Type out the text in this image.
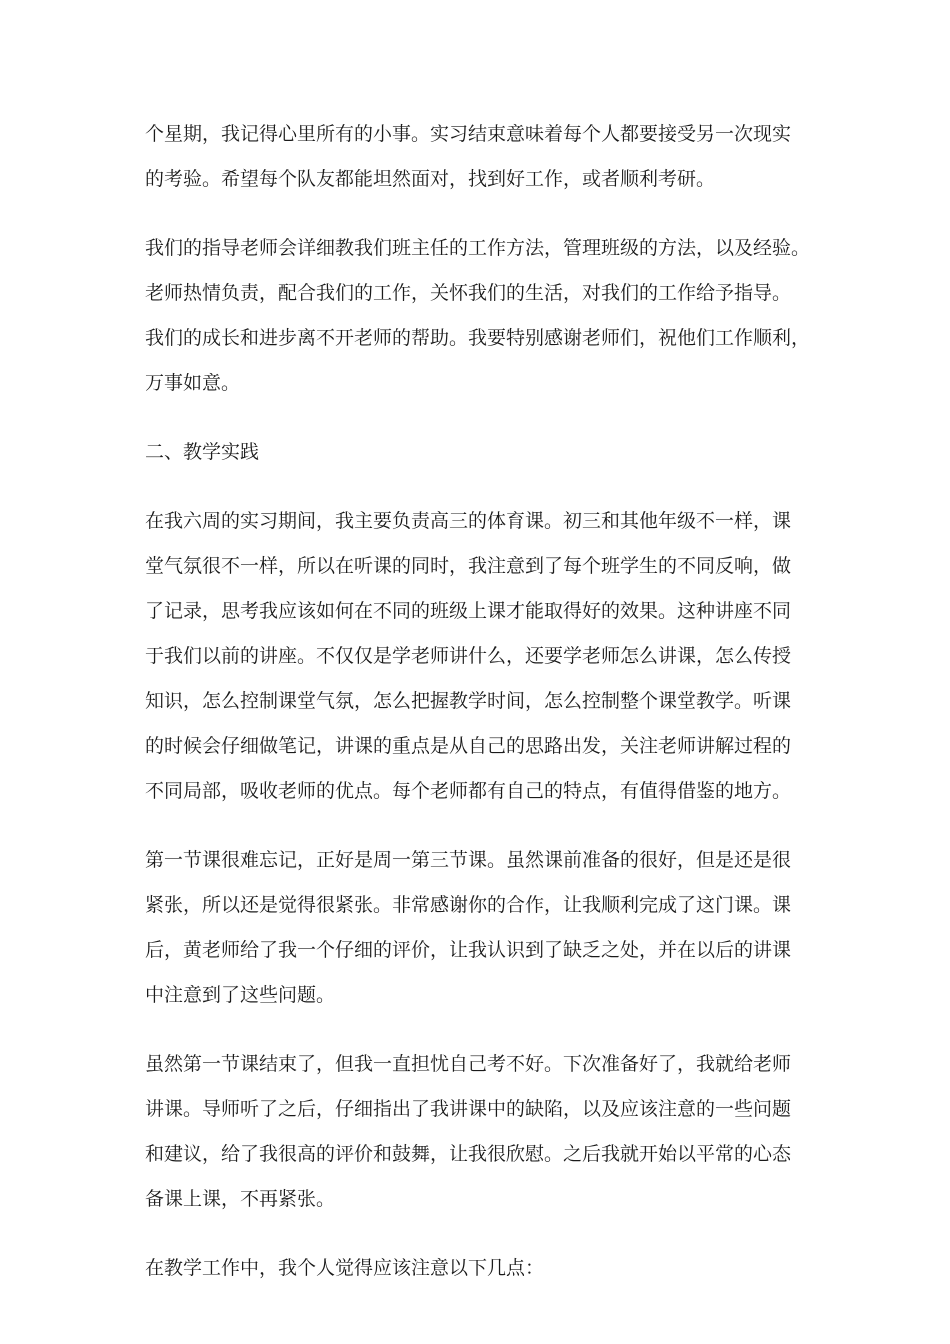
个星期，我记得心里所有的小事。实习结束意味着每个人都要接受另一次现实
的考验。希望每个队友都能坦然面对，找到好工作，或者顺利考研。

我们的指导老师会详细教我们班主任的工作方法，管理班级的方法，以及经验。
老师热情负责，配合我们的工作，关怀我们的生活，对我们的工作给予指导。
我们的成长和进步离不开老师的帮助。我要特别感谢老师们，祝他们工作顺利，
万事如意。

二、教学实践

在我六周的实习期间，我主要负责高三的体育课。初三和其他年级不一样，课
堂气氛很不一样，所以在听课的同时，我注意到了每个班学生的不同反响，做
了记录，思考我应该如何在不同的班级上课才能取得好的效果。这种讲座不同
于我们以前的讲座。不仅仅是学老师讲什么，还要学老师怎么讲课，怎么传授
知识，怎么控制课堂气氛，怎么把握教学时间，怎么控制整个课堂教学。听课
的时候会仔细做笔记，讲课的重点是从自己的思路出发，关注老师讲解过程的
不同局部，吸收老师的优点。每个老师都有自己的特点，有值得借鉴的地方。

第一节课很难忘记，正好是周一第三节课。虽然课前准备的很好，但是还是很
紧张，所以还是觉得很紧张。非常感谢你的合作，让我顺利完成了这门课。课
后，黄老师给了我一个仔细的评价，让我认识到了缺乏之处，并在以后的讲课
中注意到了这些问题。

虽然第一节课结束了，但我一直担忧自己考不好。下次准备好了，我就给老师
讲课。导师听了之后，仔细指出了我讲课中的缺陷，以及应该注意的一些问题
和建议，给了我很高的评价和鼓舞，让我很欣慰。之后我就开始以平常的心态
备课上课，不再紧张。

在教学工作中，我个人觉得应该注意以下几点：
